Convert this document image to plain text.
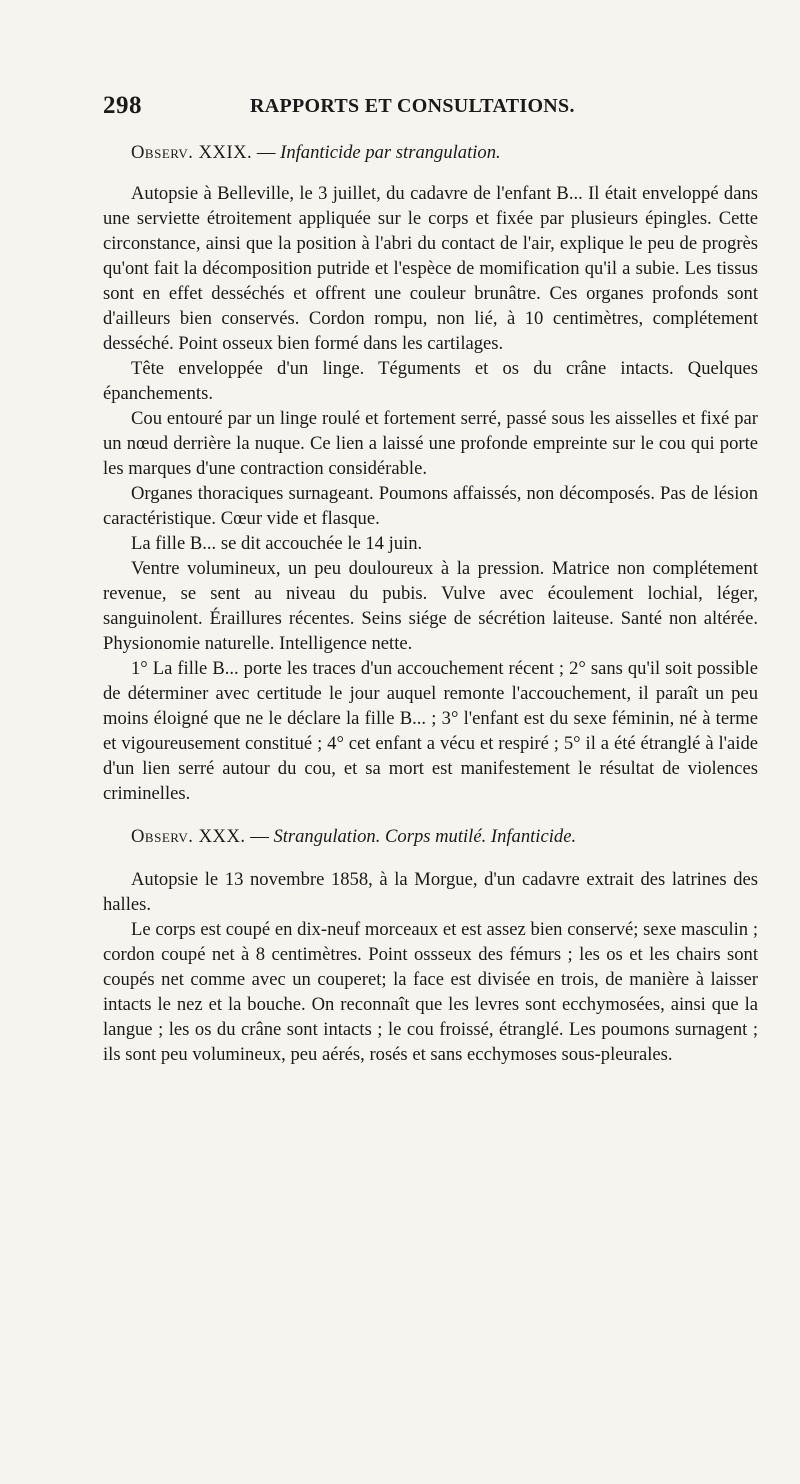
298	RAPPORTS ET CONSULTATIONS.
Observ. XXIX. — Infanticide par strangulation.

Autopsie à Belleville, le 3 juillet, du cadavre de l'enfant B... Il était enveloppé dans une serviette étroitement appliquée sur le corps et fixée par plusieurs épingles. Cette circonstance, ainsi que la position à l'abri du contact de l'air, explique le peu de progrès qu'ont fait la décomposition putride et l'espèce de momification qu'il a subie. Les tissus sont en effet desséchés et offrent une couleur brunâtre. Ces organes profonds sont d'ailleurs bien conservés. Cordon rompu, non lié, à 10 centimètres, complétement desséché. Point osseux bien formé dans les cartilages.

Tête enveloppée d'un linge. Téguments et os du crâne intacts. Quelques épanchements.

Cou entouré par un linge roulé et fortement serré, passé sous les aisselles et fixé par un nœud derrière la nuque. Ce lien a laissé une profonde empreinte sur le cou qui porte les marques d'une contraction considérable.

Organes thoraciques surnageant. Poumons affaissés, non décomposés. Pas de lésion caractéristique. Cœur vide et flasque.

La fille B... se dit accouchée le 14 juin.

Ventre volumineux, un peu douloureux à la pression. Matrice non complétement revenue, se sent au niveau du pubis. Vulve avec écoulement lochial, léger, sanguinolent. Éraillures récentes. Seins siége de sécrétion laiteuse. Santé non altérée. Physionomie naturelle. Intelligence nette.

1° La fille B... porte les traces d'un accouchement récent ; 2° sans qu'il soit possible de déterminer avec certitude le jour auquel remonte l'accouchement, il paraît un peu moins éloigné que ne le déclare la fille B... ; 3° l'enfant est du sexe féminin, né à terme et vigoureusement constitué ; 4° cet enfant a vécu et respiré ; 5° il a été étranglé à l'aide d'un lien serré autour du cou, et sa mort est manifestement le résultat de violences criminelles.

Observ. XXX. — Strangulation. Corps mutilé. Infanticide.

Autopsie le 13 novembre 1858, à la Morgue, d'un cadavre extrait des latrines des halles.

Le corps est coupé en dix-neuf morceaux et est assez bien conservé; sexe masculin ; cordon coupé net à 8 centimètres. Point ossseux des fémurs ; les os et les chairs sont coupés net comme avec un couperet; la face est divisée en trois, de manière à laisser intacts le nez et la bouche. On reconnaît que les levres sont ecchymosées, ainsi que la langue ; les os du crâne sont intacts ; le cou froissé, étranglé. Les poumons surnagent ; ils sont peu volumineux, peu aérés, rosés et sans ecchymoses sous-pleurales.
